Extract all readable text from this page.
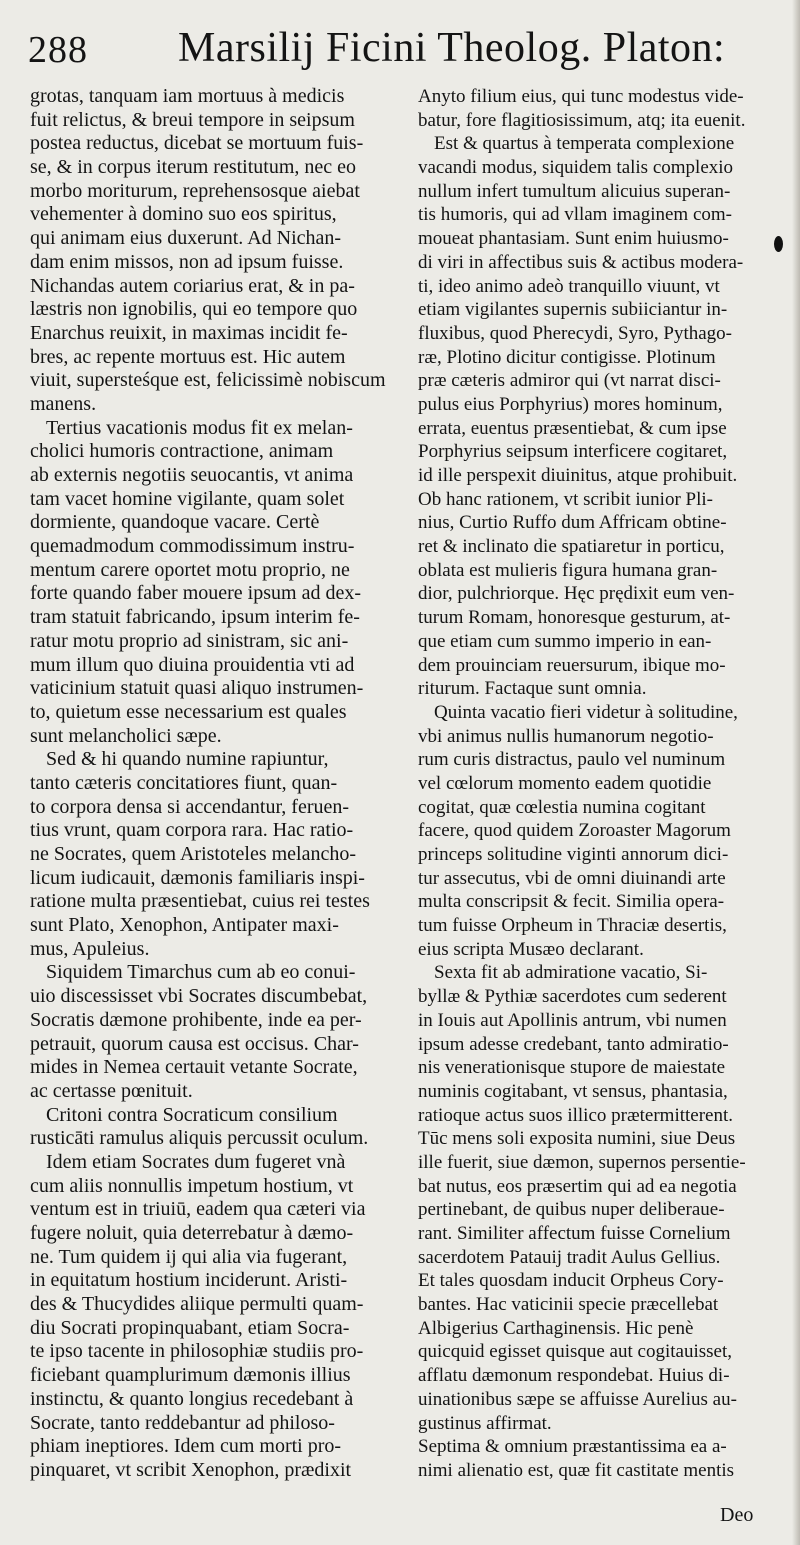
288 Marsilij Ficini Theolog. Platon:
grotas, tanquam iam mortuus à medicis
fuit relictus, & breui tempore in seipsum
postea reductus, dicebat se mortuum fuis-
se, & in corpus iterum restitutum, nec eo
morbo moriturum, reprehensosque aiebat
vehementer à domino suo eos spiritus,
qui animam eius duxerunt. Ad Nichan-
dam enim missos, non ad ipsum fuisse.
Nichandas autem coriarius erat, & in pa-
læstris non ignobilis, qui eo tempore quo
Enarchus reuixit, in maximas incidit fe-
bres, ac repente mortuus est. Hic autem
viuit, supersteśque est, felicissimè nobiscum
manens.
Tertius vacationis modus fit ex melan-
cholici humoris contractione, animam
ab externis negotiis seuocantis, vt anima
tam vacet homine vigilante, quam solet
dormiente, quandoque vacare. Certè
quemadmodum commodissimum instru-
mentum carere oportet motu proprio, ne
forte quando faber mouere ipsum ad dex-
tram statuit fabricando, ipsum interim fe-
ratur motu proprio ad sinistram, sic ani-
mum illum quo diuina prouidentia vti ad
vaticinium statuit quasi aliquo instrumen-
to, quietum esse necessarium est quales
sunt melancholici sæpe.
Sed & hi quando numine rapiuntur,
tanto cæteris concitatiores fiunt, quan-
to corpora densa si accendantur, feruen-
tius vrunt, quam corpora rara. Hac ratio-
ne Socrates, quem Aristoteles melancho-
licum iudicauit, dæmonis familiaris inspi-
ratione multa præsentiebat, cuius rei testes
sunt Plato, Xenophon, Antipater maxi-
mus, Apuleius.
Siquidem Timarchus cum ab eo conui-
uio discessisset vbi Socrates discumbebat,
Socratis dæmone prohibente, inde ea per-
petrauit, quorum causa est occisus. Char-
mides in Nemea certauit vetante Socrate,
ac certasse pœnituit.
Critoni contra Socraticum consilium
rusticāti ramulus aliquis percussit oculum.
Idem etiam Socrates dum fugeret vnà
cum aliis nonnullis impetum hostium, vt
ventum est in triuiū, eadem qua cæteri via
fugere noluit, quia deterrebatur à dæmo-
ne. Tum quidem ij qui alia via fugerant,
in equitatum hostium inciderunt. Aristi-
des & Thucydides aliique permulti quam-
diu Socrati propinquabant, etiam Socra-
te ipso tacente in philosophiæ studiis pro-
ficiebant quamplurimum dæmonis illius
instinctu, & quanto longius recedebant à
Socrate, tanto reddebantur ad philoso-
phiam ineptiores. Idem cum morti pro-
pinquaret, vt scribit Xenophon, prædixit
Anyto filium eius, qui tunc modestus vide-
batur, fore flagitiosissimum, atq; ita euenit.
Est & quartus à temperata complexione
vacandi modus, siquidem talis complexio
nullum infert tumultum alicuius superan-
tis humoris, qui ad vllam imaginem com-
moueat phantasiam. Sunt enim huiusmo-
di viri in affectibus suis & actibus modera-
ti, ideo animo adeò tranquillo viuunt, vt
etiam vigilantes supernis subiiciantur in-
fluxibus, quod Pherecydi, Syro, Pythago-
ræ, Plotino dicitur contigisse. Plotinum
præ cæteris admiror qui (vt narrat disci-
pulus eius Porphyrius) mores hominum,
errata, euentus præsentiebat, & cum ipse
Porphyrius seipsum interficere cogitaret,
id ille perspexit diuinitus, atque prohibuit.
Ob hanc rationem, vt scribit iunior Pli-
nius, Curtio Ruffo dum Affricam obtine-
ret & inclinato die spatiaretur in porticu,
oblata est mulieris figura humana gran-
dior, pulchriorque. Hęc prędixit eum ven-
turum Romam, honoresque gesturum, at-
que etiam cum summo imperio in ean-
dem prouinciam reuersurum, ibique mo-
riturum. Factaque sunt omnia.
Quinta vacatio fieri videtur à solitudine,
vbi animus nullis humanorum negotio-
rum curis distractus, paulo vel numinum
vel cœlorum momento eadem quotidie
cogitat, quæ cœlestia numina cogitant
facere, quod quidem Zoroaster Magorum
princeps solitudine viginti annorum dici-
tur assecutus, vbi de omni diuinandi arte
multa conscripsit & fecit. Similia opera-
tum fuisse Orpheum in Thraciæ desertis,
eius scripta Musæo declarant.
Sexta fit ab admiratione vacatio, Si-
byllæ & Pythiæ sacerdotes cum sederent
in Iouis aut Apollinis antrum, vbi numen
ipsum adesse credebant, tanto admiratio-
nis venerationisque stupore de maiestate
numinis cogitabant, vt sensus, phantasia,
ratioque actus suos illico prætermitterent.
Tūc mens soli exposita numini, siue Deus
ille fuerit, siue dæmon, supernos persentie-
bat nutus, eos præsertim qui ad ea negotia
pertinebant, de quibus nuper deliberaue-
rant. Similiter affectum fuisse Cornelium
sacerdotem Patauij tradit Aulus Gellius.
Et tales quosdam inducit Orpheus Cory-
bantes. Hac vaticinii specie præcellebat
Albigerius Carthaginensis. Hic penè
quicquid egisset quisque aut cogitauisset,
afflatu dæmonum respondebat. Huius di-
uinationibus sæpe se affuisse Aurelius au-
gustinus affirmat.
Septima & omnium præstantissima ea a-
nimi alienatio est, quæ fit castitate mentis
Deo
